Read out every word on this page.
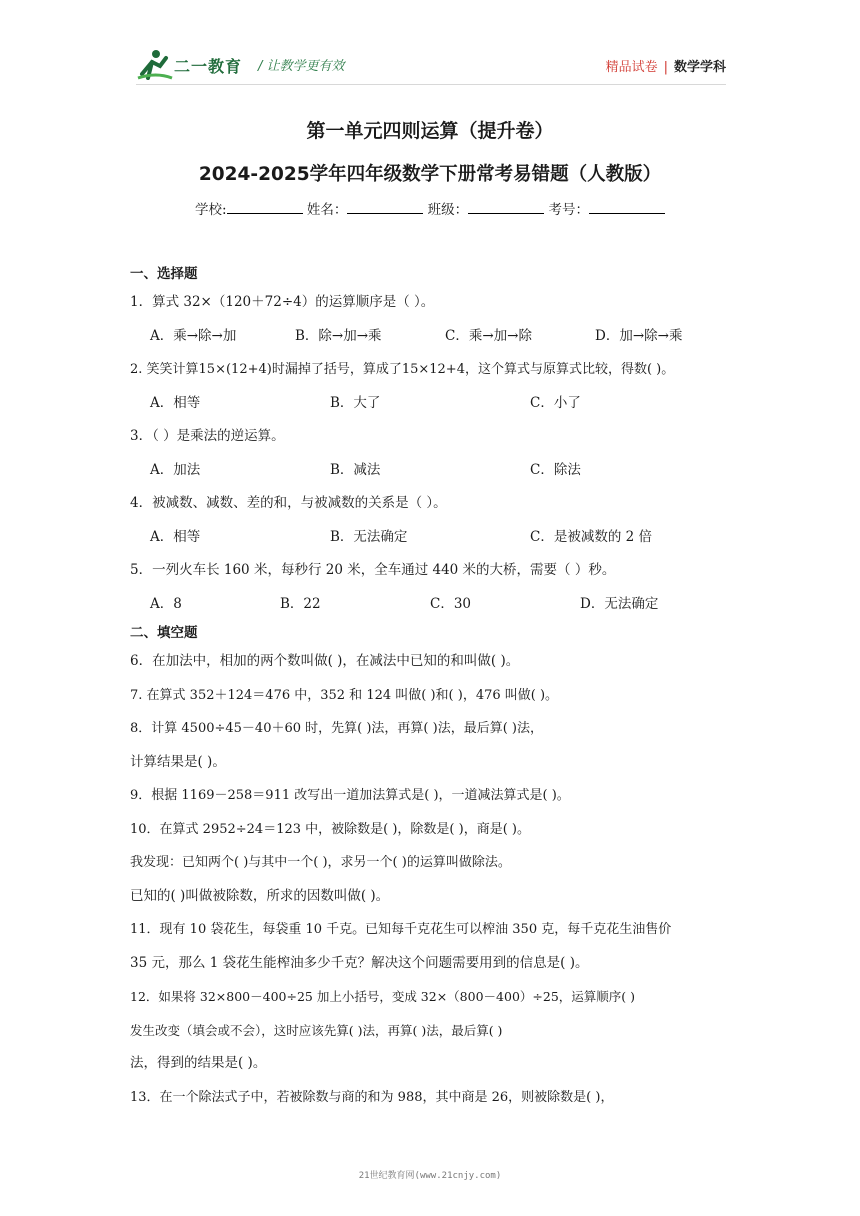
二一教育 / 让教学更有效	精品试卷 | 数学学科
第一单元四则运算（提升卷）
2024-2025学年四年级数学下册常考易错题（人教版）
学校:	姓名：	班级：	考号：
一、选择题
1．算式 32×（120＋72÷4）的运算顺序是（ ）。
A．乘→除→加	B．除→加→乘	C．乘→加→除	D．加→除→乘
2. 笑笑计算15×(12+4)时漏掉了括号，算成了15×12+4，这个算式与原算式比较，得数( )。
A．相等	B．大了	C．小了
3．（ ）是乘法的逆运算。
A．加法	B．减法	C．除法
4．被减数、减数、差的和，与被减数的关系是（ ）。
A．相等	B．无法确定	C．是被减数的 2 倍
5．一列火车长 160 米，每秒行 20 米，全车通过 440 米的大桥，需要（ ）秒。
A．8	B．22	C．30	D．无法确定
二、填空题
6．在加法中，相加的两个数叫做( )，在减法中已知的和叫做( )。
7. 在算式 352＋124＝476 中，352 和 124 叫做( )和( )，476 叫做( )。
8．计算 4500÷45－40＋60 时，先算( )法，再算( )法，最后算( )法，
计算结果是( )。
9．根据 1169－258＝911 改写出一道加法算式是( )，一道减法算式是( )。
10．在算式 2952÷24＝123 中，被除数是( )，除数是( )，商是( )。
我发现：已知两个( )与其中一个( )，求另一个( )的运算叫做除法。
已知的( )叫做被除数，所求的因数叫做( )。
11．现有 10 袋花生，每袋重 10 千克。已知每千克花生可以榨油 350 克，每千克花生油售价
35 元，那么 1 袋花生能榨油多少千克？解决这个问题需要用到的信息是( )。
12．如果将 32×800－400÷25 加上小括号，变成 32×（800－400）÷25，运算顺序( )
发生改变（填会或不会），这时应该先算( )法，再算( )法，最后算( )
法，得到的结果是( )。
13．在一个除法式子中，若被除数与商的和为 988，其中商是 26，则被除数是( )，
21世纪教育网(www.21cnjy.com)
